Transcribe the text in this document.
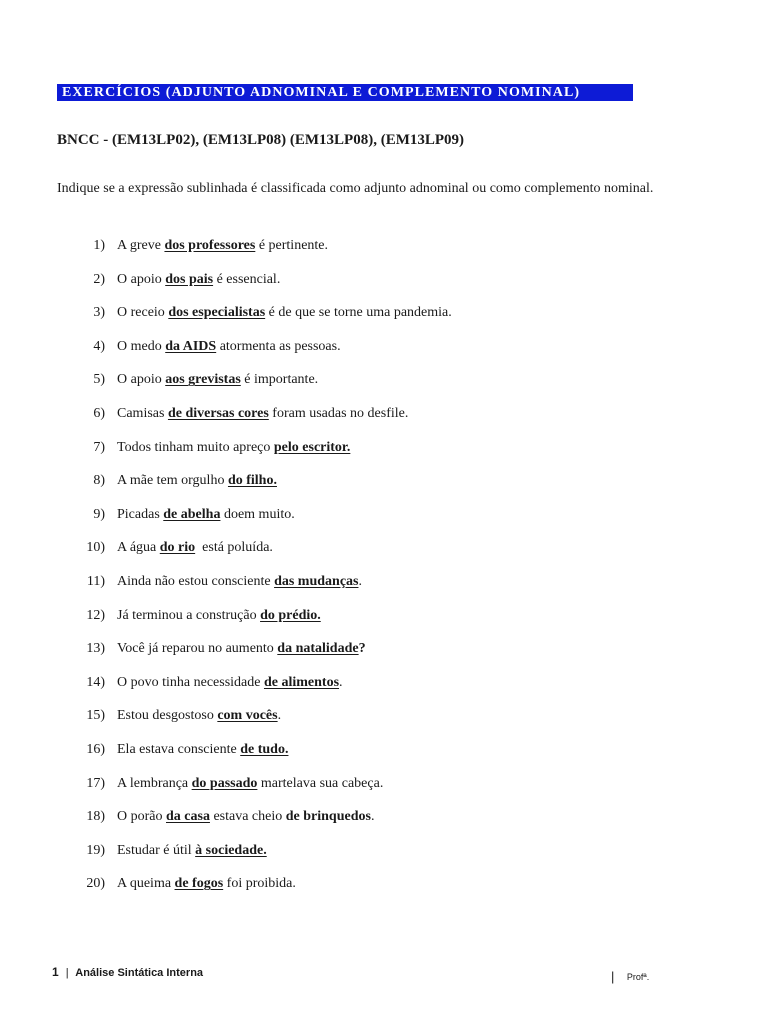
EXERCÍCIOS (ADJUNTO ADNOMINAL E COMPLEMENTO NOMINAL)
BNCC - (EM13LP02), (EM13LP08) (EM13LP08), (EM13LP09)
Indique se a expressão sublinhada é classificada como adjunto adnominal ou como complemento nominal.
1) A greve dos professores é pertinente.
2) O apoio dos pais é essencial.
3) O receio dos especialistas é de que se torne uma pandemia.
4) O medo da AIDS atormenta as pessoas.
5) O apoio aos grevistas é importante.
6) Camisas de diversas cores foram usadas no desfile.
7) Todos tinham muito apreço pelo escritor.
8) A mãe tem orgulho do filho.
9) Picadas de abelha doem muito.
10) A água do rio  está poluída.
11) Ainda não estou consciente das mudanças.
12) Já terminou a construção do prédio.
13) Você já reparou no aumento da natalidade?
14) O povo tinha necessidade de alimentos.
15) Estou desgostoso com vocês.
16) Ela estava consciente de tudo.
17) A lembrança do passado martelava sua cabeça.
18) O porão da casa estava cheio de brinquedos.
19) Estudar é útil à sociedade.
20) A queima de fogos foi proibida.
1 | Análise Sintática Interna	| Profª.
